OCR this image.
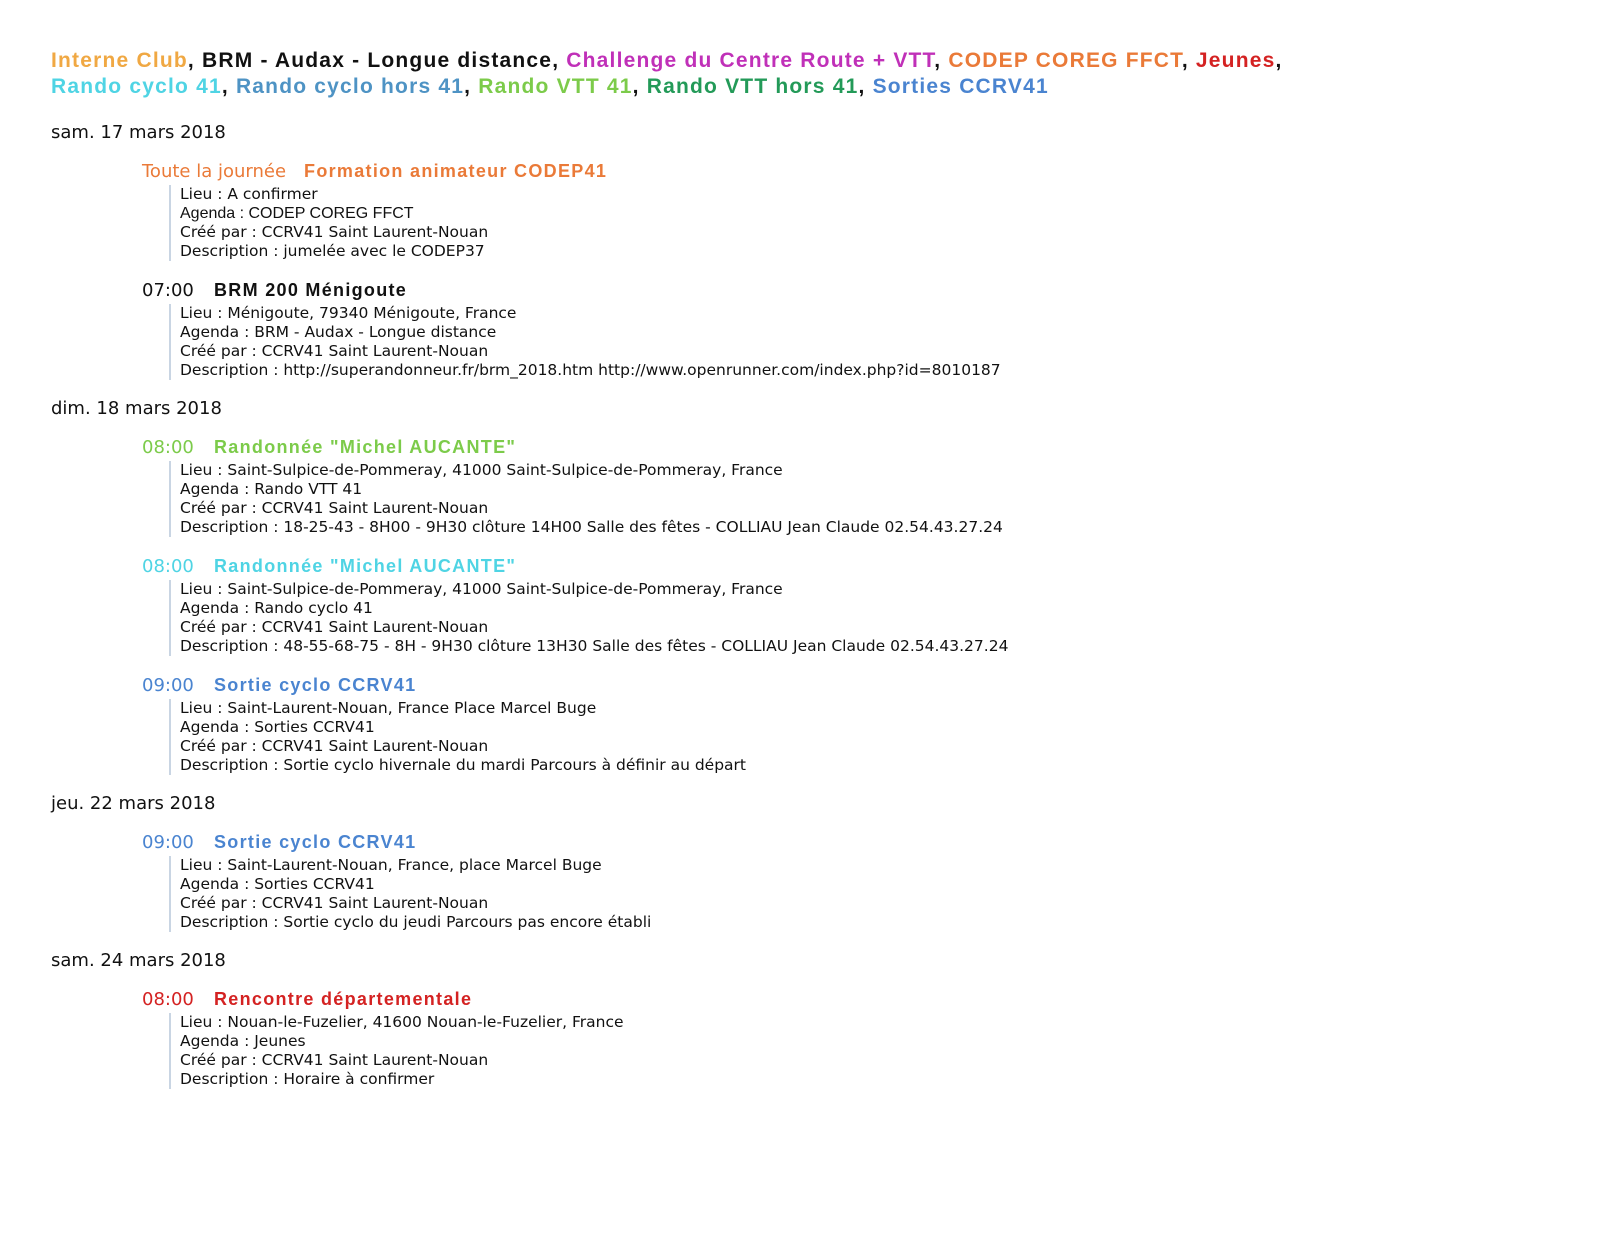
Interne Club, BRM - Audax - Longue distance, Challenge du Centre Route + VTT, CODEP COREG FFCT, Jeunes,
Rando cyclo 41, Rando cyclo hors 41, Rando VTT 41, Rando VTT hors 41, Sorties CCRV41
sam. 17 mars 2018
Toute la journée Formation animateur CODEP41
Lieu : A confirmer
Agenda : CODEP COREG FFCT
Créé par : CCRV41 Saint Laurent-Nouan
Description : jumelée avec le CODEP37
07:00 BRM 200 Ménigoute
Lieu : Ménigoute, 79340 Ménigoute, France
Agenda : BRM - Audax - Longue distance
Créé par : CCRV41 Saint Laurent-Nouan
Description : http://superandonneur.fr/brm_2018.htm http://www.openrunner.com/index.php?id=8010187
dim. 18 mars 2018
08:00 Randonnée "Michel AUCANTE"
Lieu : Saint-Sulpice-de-Pommeray, 41000 Saint-Sulpice-de-Pommeray, France
Agenda : Rando VTT 41
Créé par : CCRV41 Saint Laurent-Nouan
Description : 18-25-43 - 8H00 - 9H30 clôture 14H00 Salle des fêtes - COLLIAU Jean Claude 02.54.43.27.24
08:00 Randonnée "Michel AUCANTE"
Lieu : Saint-Sulpice-de-Pommeray, 41000 Saint-Sulpice-de-Pommeray, France
Agenda : Rando cyclo 41
Créé par : CCRV41 Saint Laurent-Nouan
Description : 48-55-68-75 - 8H - 9H30 clôture 13H30 Salle des fêtes - COLLIAU Jean Claude 02.54.43.27.24
09:00 Sortie cyclo CCRV41
Lieu : Saint-Laurent-Nouan, France Place Marcel Buge
Agenda : Sorties CCRV41
Créé par : CCRV41 Saint Laurent-Nouan
Description : Sortie cyclo hivernale du mardi Parcours à définir au départ
jeu. 22 mars 2018
09:00 Sortie cyclo CCRV41
Lieu : Saint-Laurent-Nouan, France, place Marcel Buge
Agenda : Sorties CCRV41
Créé par : CCRV41 Saint Laurent-Nouan
Description : Sortie cyclo du jeudi Parcours pas encore établi
sam. 24 mars 2018
08:00 Rencontre départementale
Lieu : Nouan-le-Fuzelier, 41600 Nouan-le-Fuzelier, France
Agenda : Jeunes
Créé par : CCRV41 Saint Laurent-Nouan
Description : Horaire à confirmer
